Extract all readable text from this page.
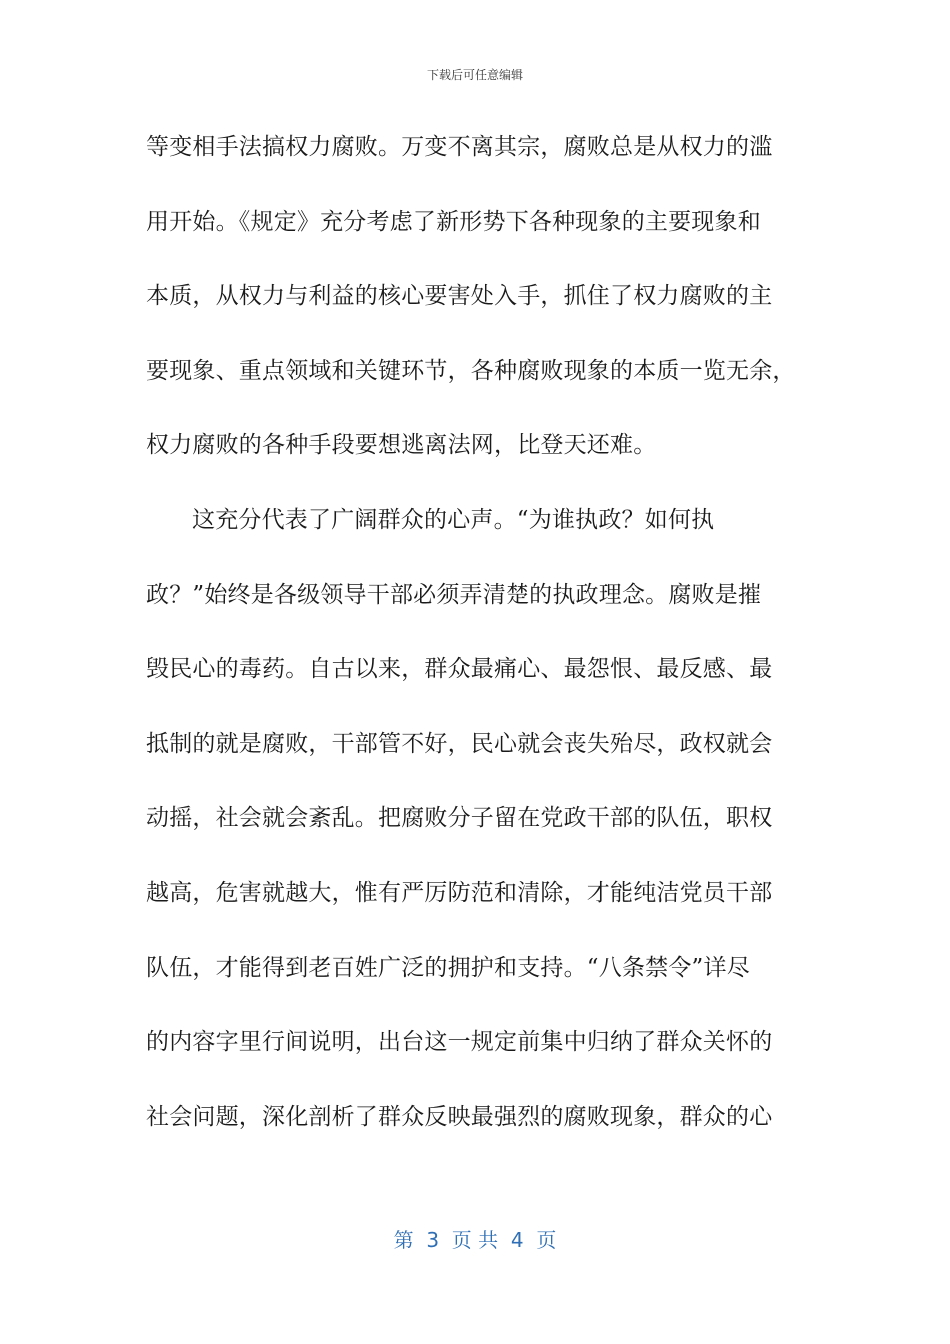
下载后可任意编辑
等变相手法搞权力腐败。万变不离其宗，腐败总是从权力的滥
用开始。《规定》充分考虑了新形势下各种现象的主要现象和
本质，从权力与利益的核心要害处入手，抓住了权力腐败的主
要现象、重点领域和关键环节，各种腐败现象的本质一览无余，
权力腐败的各种手段要想逃离法网，比登天还难。
这充分代表了广阔群众的心声。“为谁执政？如何执
政？”始终是各级领导干部必须弄清楚的执政理念。腐败是摧
毁民心的毒药。自古以来，群众最痛心、最怨恨、最反感、最
抵制的就是腐败，干部管不好，民心就会丧失殆尽，政权就会
动摇，社会就会紊乱。把腐败分子留在党政干部的队伍，职权
越高，危害就越大，惟有严厉防范和清除，才能纯洁党员干部
队伍，才能得到老百姓广泛的拥护和支持。“八条禁令”详尽
的内容字里行间说明，出台这一规定前集中归纳了群众关怀的
社会问题，深化剖析了群众反映最强烈的腐败现象，群众的心
第  3  页 共  4  页
